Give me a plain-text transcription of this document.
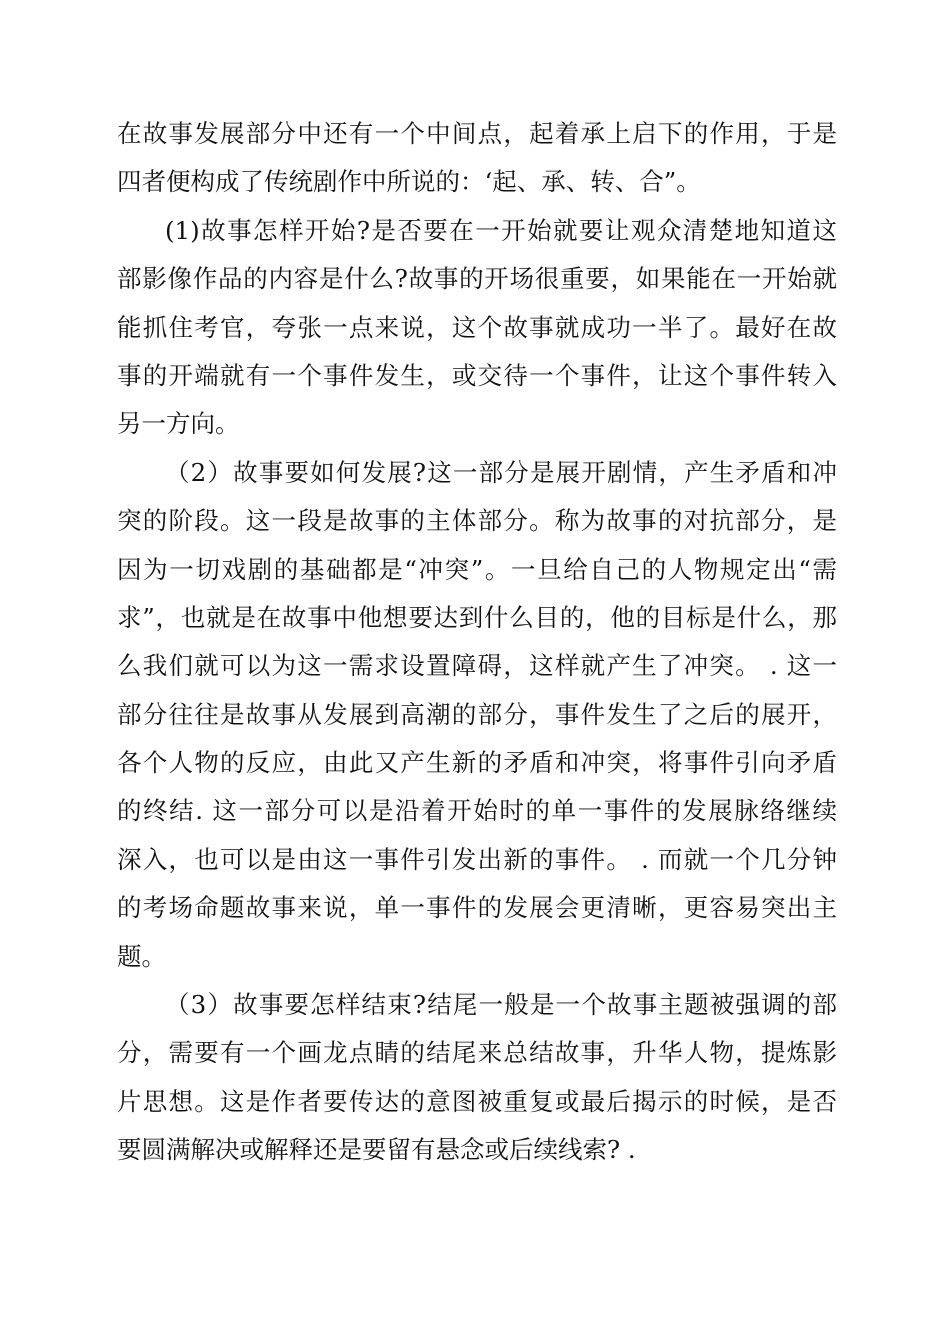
在故事发展部分中还有一个中间点，起着承上启下的作用，于是
四者便构成了传统剧作中所说的：‘起、承、转、合”。
(1)故事怎样开始?是否要在一开始就要让观众清楚地知道这
部影像作品的内容是什么?故事的开场很重要，如果能在一开始就
能抓住考官，夸张一点来说，这个故事就成功一半了。最好在故
事的开端就有一个事件发生，或交待一个事件，让这个事件转入
另一方向。
（2）故事要如何发展?这一部分是展开剧情，产生矛盾和冲
突的阶段。这一段是故事的主体部分。称为故事的对抗部分，是
因为一切戏剧的基础都是“冲突”。一旦给自己的人物规定出“需
求”，也就是在故事中他想要达到什么目的，他的目标是什么，那
么我们就可以为这一需求设置障碍，这样就产生了冲突。 . 这一
部分往往是故事从发展到高潮的部分，事件发生了之后的展开，
各个人物的反应，由此又产生新的矛盾和冲突，将事件引向矛盾
的终结. 这一部分可以是沿着开始时的单一事件的发展脉络继续
深入，也可以是由这一事件引发出新的事件。 . 而就一个几分钟
的考场命题故事来说，单一事件的发展会更清晰，更容易突出主
题。
（3）故事要怎样结束?结尾一般是一个故事主题被强调的部
分，需要有一个画龙点睛的结尾来总结故事，升华人物，提炼影
片思想。这是作者要传达的意图被重复或最后揭示的时候，是否
要圆满解决或解释还是要留有悬念或后续线索? .
